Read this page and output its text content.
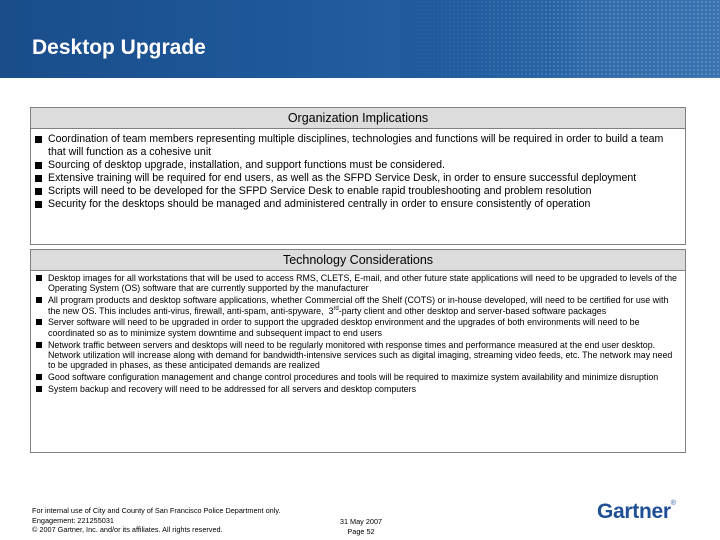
Desktop Upgrade
Organization Implications
Coordination of team members representing multiple disciplines, technologies and functions will be required in order to build a team that will function as a cohesive unit
Sourcing of desktop upgrade, installation, and support functions must be considered.
Extensive training will be required for end users, as well as the SFPD Service Desk, in order to ensure successful deployment
Scripts will need to be developed for the SFPD Service Desk to enable rapid troubleshooting and problem resolution
Security for the desktops should be managed and administered centrally in order to ensure consistently of operation
Technology Considerations
Desktop images for all workstations that will be used to access RMS, CLETS, E-mail, and other future state applications will need to be upgraded to levels of the Operating System (OS) software that are currently supported by the manufacturer
All program products and desktop software applications, whether Commercial off the Shelf (COTS) or in-house developed, will need to be certified for use with the new OS. This includes anti-virus, firewall, anti-spam, anti-spyware, 3rd-party client and other desktop and server-based software packages
Server software will need to be upgraded in order to support the upgraded desktop environment and the upgrades of both environments will need to be coordinated so as to minimize system downtime and subsequent impact to end users
Network traffic between servers and desktops will need to be regularly monitored with response times and performance measured at the end user desktop. Network utilization will increase along with demand for bandwidth-intensive services such as digital imaging, streaming video feeds, etc. The network may need to be upgraded in phases, as these anticipated demands are realized
Good software configuration management and change control procedures and tools will be required to maximize system availability and minimize disruption
System backup and recovery will need to be addressed for all servers and desktop computers
For internal use of City and County of San Francisco Police Department only.
Engagement: 221255031
© 2007 Gartner, Inc. and/or its affiliates. All rights reserved.
31 May 2007
Page 52
Gartner®
